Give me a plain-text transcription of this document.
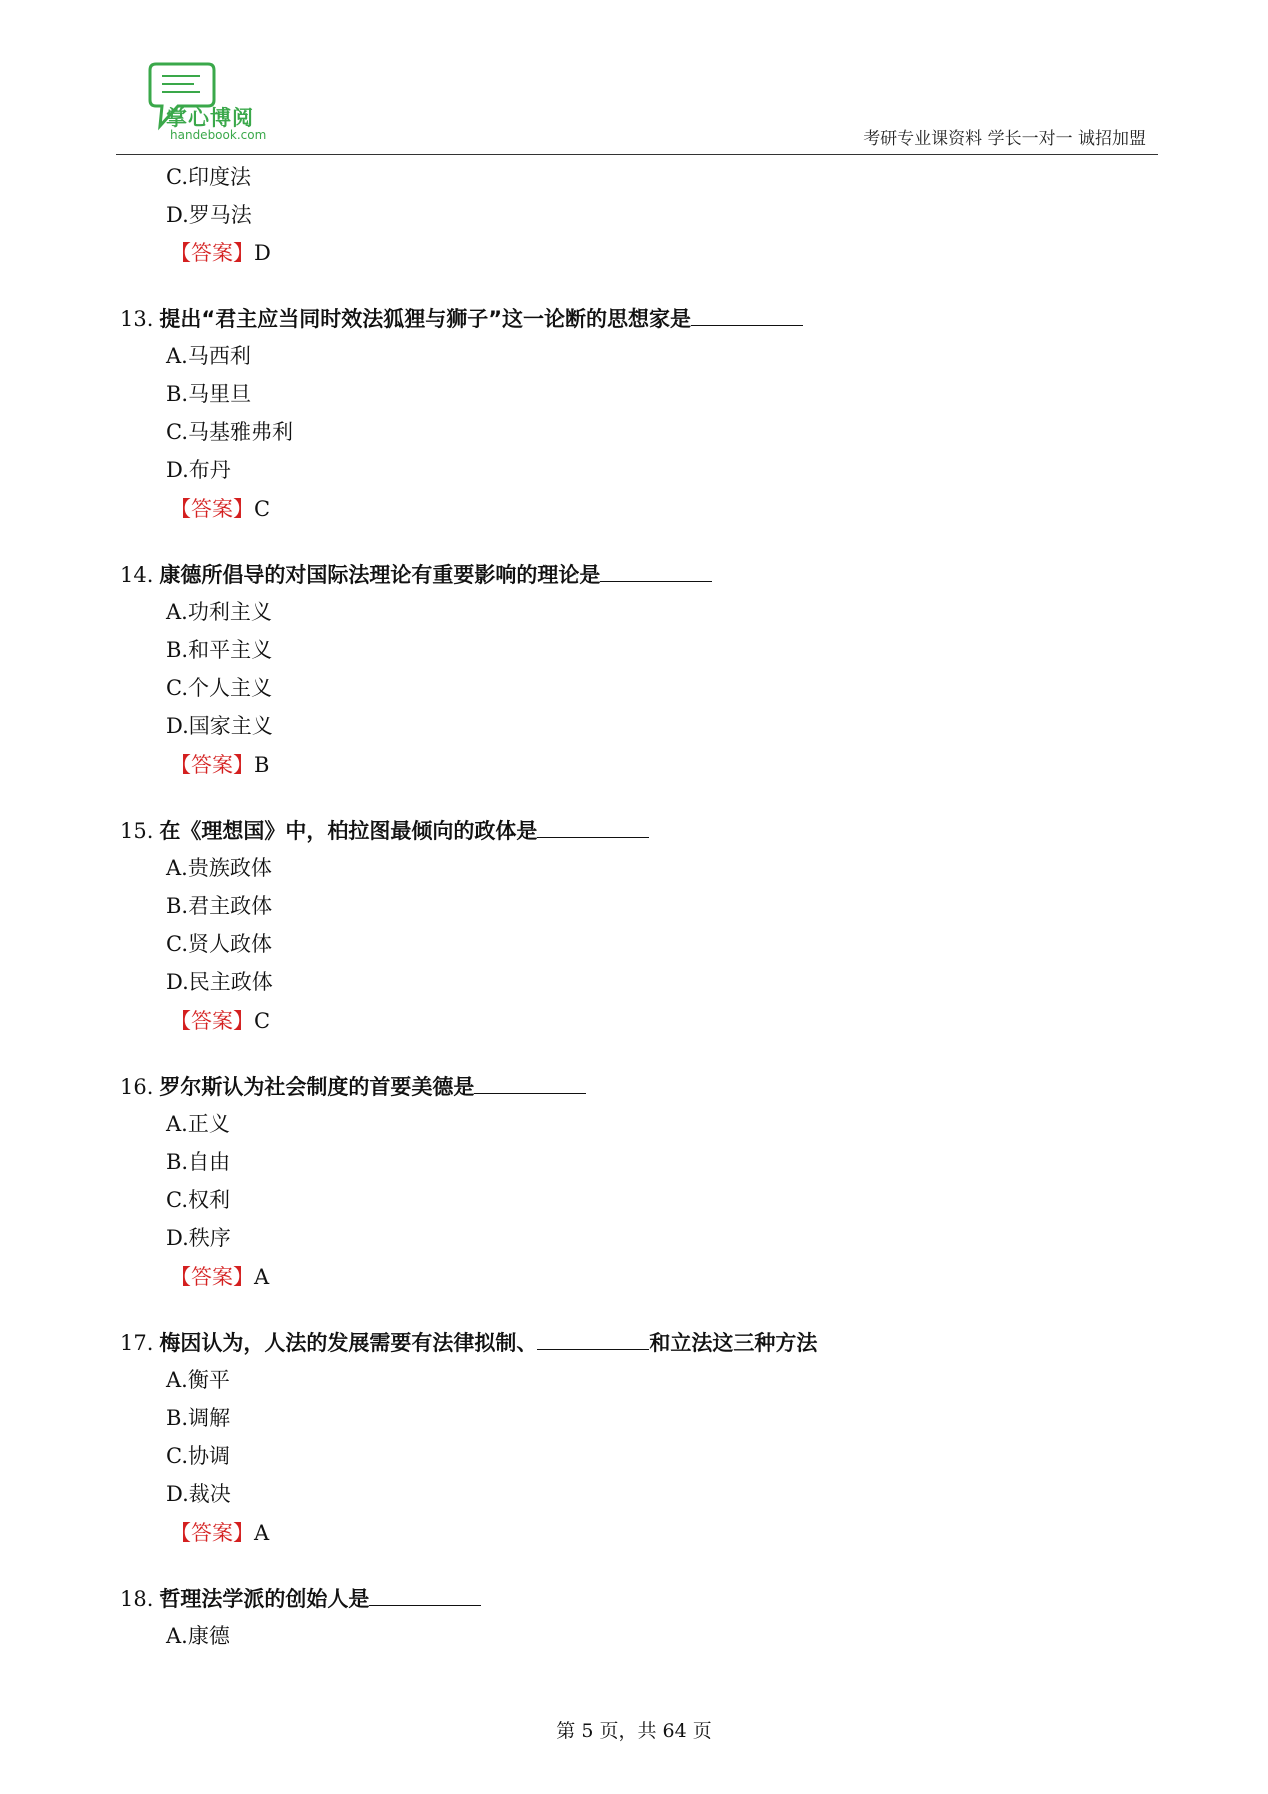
掌心博阅
handebook.com	考研专业课资料 学长一对一 诚招加盟
C.印度法
D.罗马法
【答案】D
13. 提出“君主应当同时效法狐狸与狮子”这一论断的思想家是
A.马西利
B.马里旦
C.马基雅弗利
D.布丹
【答案】C
14. 康德所倡导的对国际法理论有重要影响的理论是
A.功利主义
B.和平主义
C.个人主义
D.国家主义
【答案】B
15. 在《理想国》中，柏拉图最倾向的政体是
A.贵族政体
B.君主政体
C.贤人政体
D.民主政体
【答案】C
16. 罗尔斯认为社会制度的首要美德是
A.正义
B.自由
C.权利
D.秩序
【答案】A
17. 梅因认为，人法的发展需要有法律拟制、	和立法这三种方法
A.衡平
B.调解
C.协调
D.裁决
【答案】A
18. 哲理法学派的创始人是
A.康德
第 5 页，共 64 页
